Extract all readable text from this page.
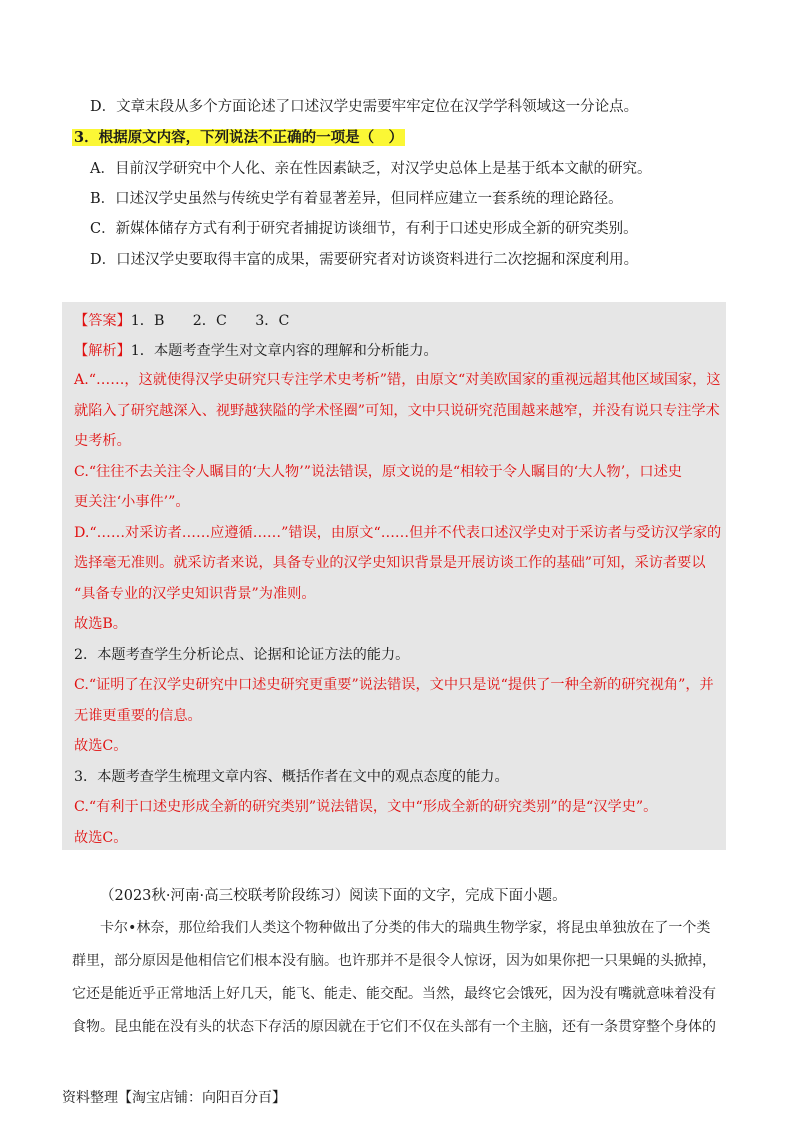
D．文章末段从多个方面论述了口述汉学史需要牢牢定位在汉学学科领域这一分论点。
3．根据原文内容，下列说法不正确的一项是（　）
A．目前汉学研究中个人化、亲在性因素缺乏，对汉学史总体上是基于纸本文献的研究。
B．口述汉学史虽然与传统史学有着显著差异，但同样应建立一套系统的理论路径。
C．新媒体储存方式有利于研究者捕捉访谈细节，有利于口述史形成全新的研究类别。
D．口述汉学史要取得丰富的成果，需要研究者对访谈资料进行二次挖掘和深度利用。
【答案】1．B　　2．C　　3．C
【解析】1．本题考查学生对文章内容的理解和分析能力。
A.“……，这就使得汉学史研究只专注学术史考析”错，由原文“对美欧国家的重视远超其他区域国家，这
就陷入了研究越深入、视野越狭隘的学术怪圈”可知，文中只说研究范围越来越窄，并没有说只专注学术
史考析。
C.“往往不去关注令人瞩目的‘大人物’”说法错误，原文说的是“相较于令人瞩目的‘大人物’，口述史
更关注‘小事件’”。
D.“……对采访者……应遵循……”错误，由原文“……但并不代表口述汉学史对于采访者与受访汉学家的
选择毫无准则。就采访者来说，具备专业的汉学史知识背景是开展访谈工作的基础”可知，采访者要以
“具备专业的汉学史知识背景”为准则。
故选B。
2．本题考查学生分析论点、论据和论证方法的能力。
C.“证明了在汉学史研究中口述史研究更重要”说法错误，文中只是说“提供了一种全新的研究视角”，并
无谁更重要的信息。
故选C。
3．本题考查学生梳理文章内容、概括作者在文中的观点态度的能力。
C.“有利于口述史形成全新的研究类别”说法错误，文中“形成全新的研究类别”的是“汉学史”。
故选C。
（2023秋·河南·高三校联考阶段练习）阅读下面的文字，完成下面小题。
卡尔•林奈，那位给我们人类这个物种做出了分类的伟大的瑞典生物学家，将昆虫单独放在了一个类
群里，部分原因是他相信它们根本没有脑。也许那并不是很令人惊讶，因为如果你把一只果蝇的头掀掉，
它还是能近乎正常地活上好几天，能飞、能走、能交配。当然，最终它会饿死，因为没有嘴就意味着没有
食物。昆虫能在没有头的状态下存活的原因就在于它们不仅在头部有一个主脑，还有一条贯穿整个身体的
资料整理【淘宝店铺：向阳百分百】
